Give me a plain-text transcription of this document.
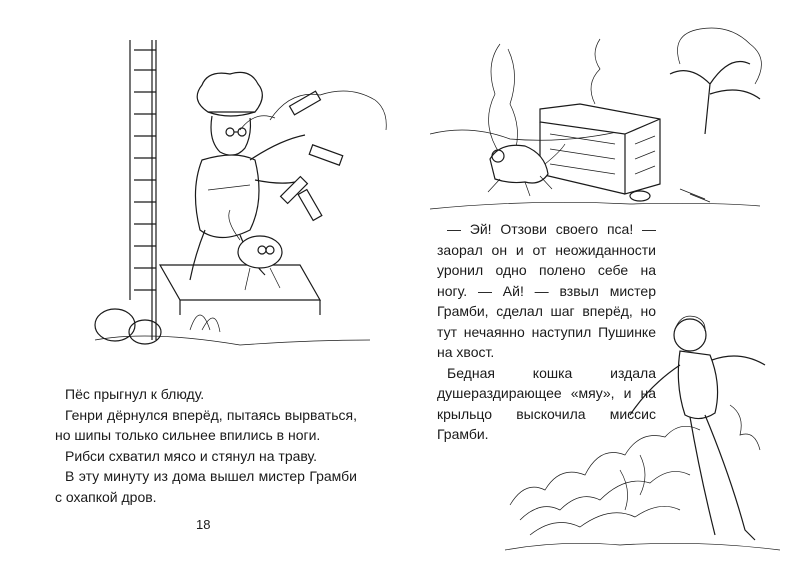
Пёс прыгнул к блюду.

Генри дёрнулся вперёд, пытаясь вырваться, но шипы только сильнее впились в ноги.

Рибси схватил мясо и стянул на траву.

В эту минуту из дома вышел мистер Грамби с охапкой дров.

18

— Эй! Отзови своего пса! — заорал он и от неожиданности уронил одно полено себе на ногу. — Ай! — взвыл мистер Грамби, сделал шаг вперёд, но тут нечаянно наступил Пушинке на хвост.

Бедная кошка издала душераздирающее «мяу», и на крыльцо выскочила миссис Грамби.
